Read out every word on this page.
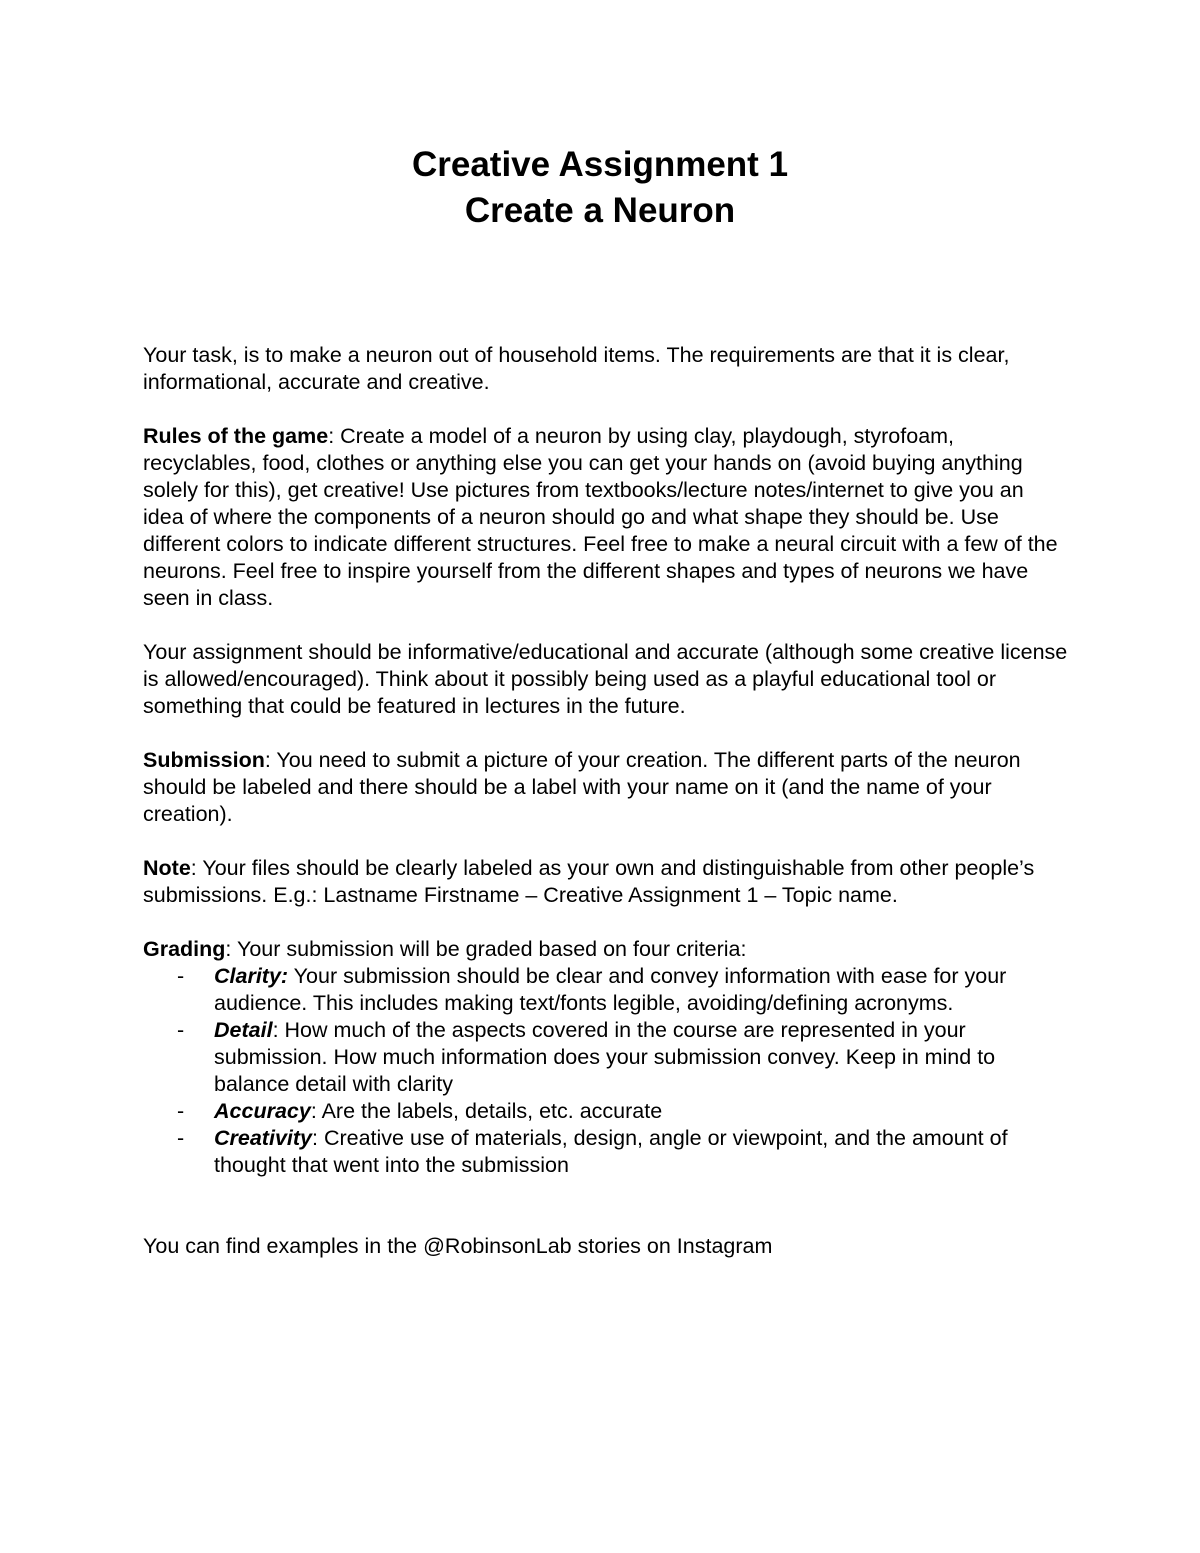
Creative Assignment 1
Create a Neuron

Your task, is to make a neuron out of household items. The requirements are that it is clear, informational, accurate and creative.

Rules of the game: Create a model of a neuron by using clay, playdough, styrofoam, recyclables, food, clothes or anything else you can get your hands on (avoid buying anything solely for this), get creative! Use pictures from textbooks/lecture notes/internet to give you an idea of where the components of a neuron should go and what shape they should be. Use different colors to indicate different structures. Feel free to make a neural circuit with a few of the neurons. Feel free to inspire yourself from the different shapes and types of neurons we have seen in class.

Your assignment should be informative/educational and accurate (although some creative license is allowed/encouraged). Think about it possibly being used as a playful educational tool or something that could be featured in lectures in the future.

Submission: You need to submit a picture of your creation. The different parts of the neuron should be labeled and there should be a label with your name on it (and the name of your creation).

Note: Your files should be clearly labeled as your own and distinguishable from other people’s submissions. E.g.: Lastname Firstname – Creative Assignment 1 – Topic name.

Grading: Your submission will be graded based on four criteria:
- Clarity: Your submission should be clear and convey information with ease for your audience. This includes making text/fonts legible, avoiding/defining acronyms.
- Detail: How much of the aspects covered in the course are represented in your submission. How much information does your submission convey. Keep in mind to balance detail with clarity
- Accuracy: Are the labels, details, etc. accurate
- Creativity: Creative use of materials, design, angle or viewpoint, and the amount of thought that went into the submission
You can find examples in the @RobinsonLab stories on Instagram
